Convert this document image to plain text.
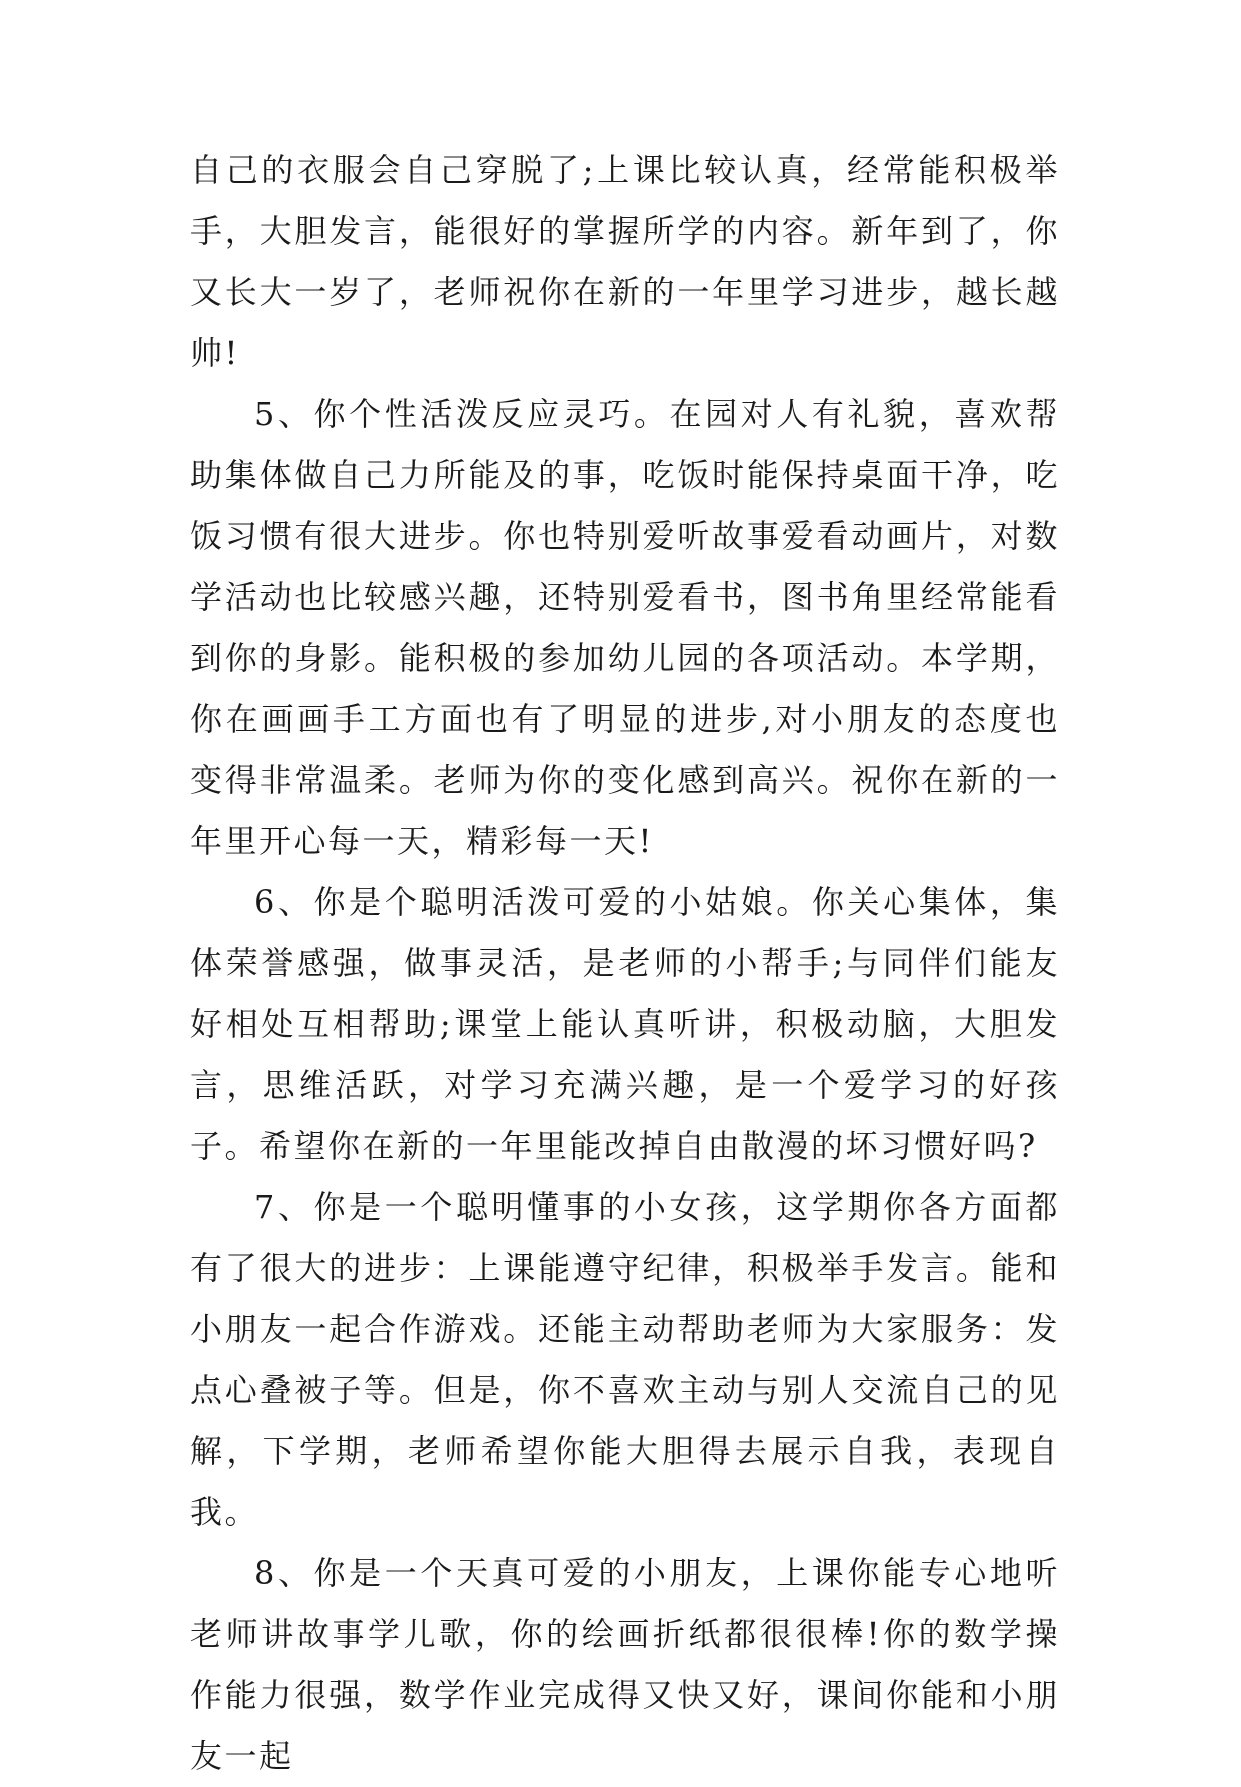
自己的衣服会自己穿脱了;上课比较认真，经常能积极举手，大胆发言，能很好的掌握所学的内容。新年到了，你又长大一岁了，老师祝你在新的一年里学习进步，越长越帅!

5、你个性活泼反应灵巧。在园对人有礼貌，喜欢帮助集体做自己力所能及的事，吃饭时能保持桌面干净，吃饭习惯有很大进步。你也特别爱听故事爱看动画片，对数学活动也比较感兴趣，还特别爱看书，图书角里经常能看到你的身影。能积极的参加幼儿园的各项活动。本学期，你在画画手工方面也有了明显的进步,对小朋友的态度也变得非常温柔。老师为你的变化感到高兴。祝你在新的一年里开心每一天，精彩每一天!

6、你是个聪明活泼可爱的小姑娘。你关心集体，集体荣誉感强，做事灵活，是老师的小帮手;与同伴们能友好相处互相帮助;课堂上能认真听讲，积极动脑，大胆发言，思维活跃，对学习充满兴趣，是一个爱学习的好孩子。希望你在新的一年里能改掉自由散漫的坏习惯好吗?

7、你是一个聪明懂事的小女孩，这学期你各方面都有了很大的进步：上课能遵守纪律，积极举手发言。能和小朋友一起合作游戏。还能主动帮助老师为大家服务：发点心叠被子等。但是，你不喜欢主动与别人交流自己的见解，下学期，老师希望你能大胆得去展示自我，表现自我。

8、你是一个天真可爱的小朋友，上课你能专心地听老师讲故事学儿歌，你的绘画折纸都很很棒!你的数学操作能力很强，数学作业完成得又快又好，课间你能和小朋友一起
